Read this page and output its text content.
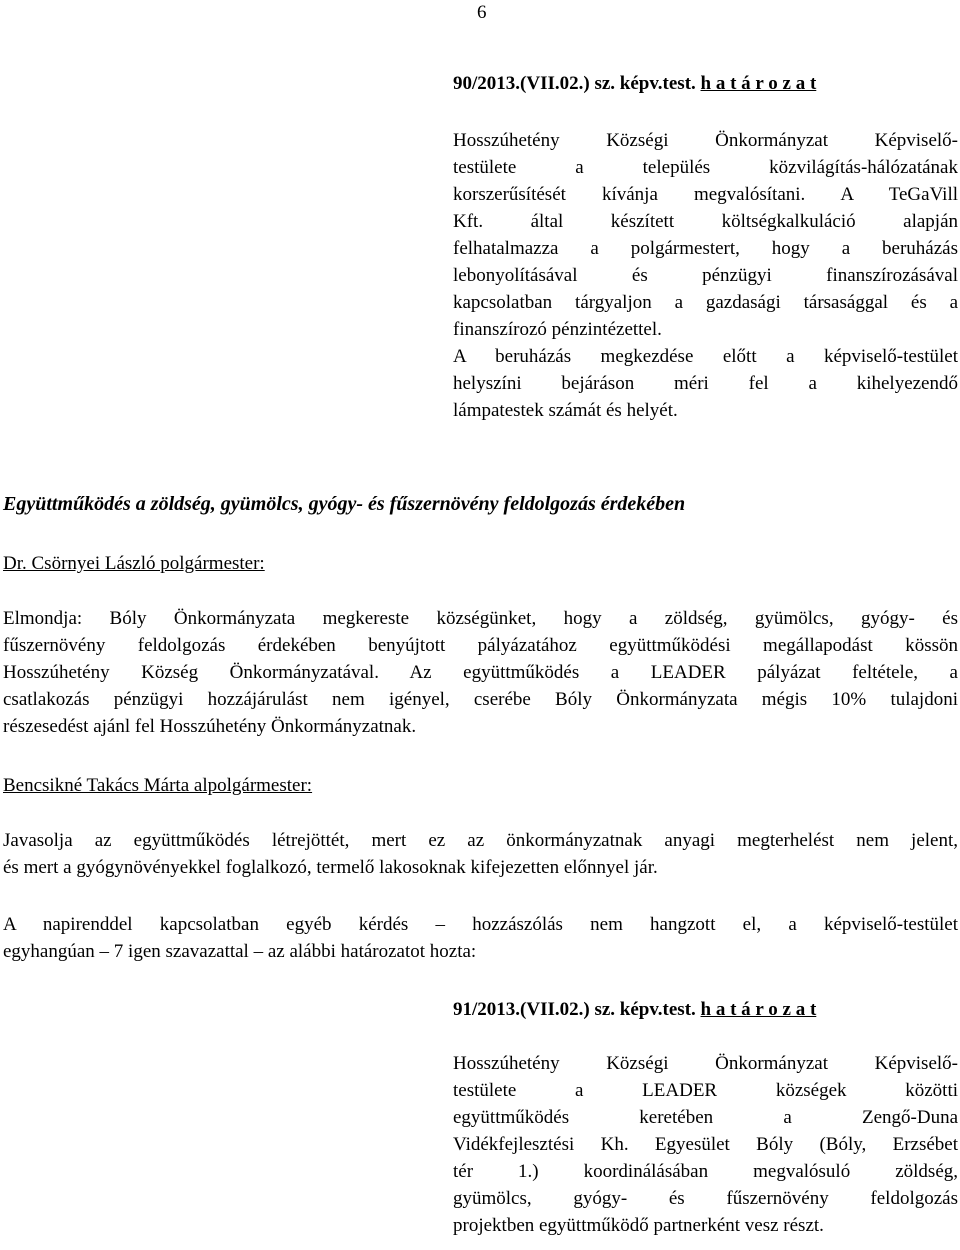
6
90/2013.(VII.02.) sz. képv.test. h a t á r o z a t
Hosszúhetény Községi Önkormányzat Képviselő-
testülete a település közvilágítás-hálózatának
korszerűsítését kívánja megvalósítani. A TeGaVill
Kft. által készített költségkalkuláció alapján
felhatalmazza a polgármestert, hogy a beruházás
lebonyolításával és pénzügyi finanszírozásával
kapcsolatban tárgyaljon a gazdasági társasággal és a
finanszírozó pénzintézettel.
A beruházás megkezdése előtt a képviselő-testület
helyszíni bejáráson méri fel a kihelyezendő
lámpatestek számát és helyét.
Együttműködés a zöldség, gyümölcs, gyógy- és fűszernövény feldolgozás érdekében
Dr. Csörnyei László polgármester:
Elmondja: Bóly Önkormányzata megkereste községünket, hogy a zöldség, gyümölcs, gyógy- és
fűszernövény feldolgozás érdekében benyújtott pályázatához együttműködési megállapodást kössön
Hosszúhetény Község Önkormányzatával. Az együttműködés a LEADER pályázat feltétele, a
csatlakozás pénzügyi hozzájárulást nem igényel, cserébe Bóly Önkormányzata mégis 10% tulajdoni
részesedést ajánl fel Hosszúhetény Önkormányzatnak.
Bencsikné Takács Márta alpolgármester:
Javasolja az együttműködés létrejöttét, mert ez az önkormányzatnak anyagi megterhelést nem jelent,
és mert a gyógynövényekkel foglalkozó, termelő lakosoknak kifejezetten előnnyel jár.
A napirenddel kapcsolatban egyéb kérdés – hozzászólás nem hangzott el, a képviselő-testület
egyhangúan – 7 igen szavazattal – az alábbi határozatot hozta:
91/2013.(VII.02.) sz. képv.test. h a t á r o z a t
Hosszúhetény Községi Önkormányzat Képviselő-
testülete a LEADER községek közötti
együttműködés keretében a Zengő-Duna
Vidékfejlesztési Kh. Egyesület Bóly (Bóly, Erzsébet
tér 1.) koordinálásában megvalósuló zöldség,
gyümölcs, gyógy- és fűszernövény feldolgozás
projektben együttműködő partnerként vesz részt.
